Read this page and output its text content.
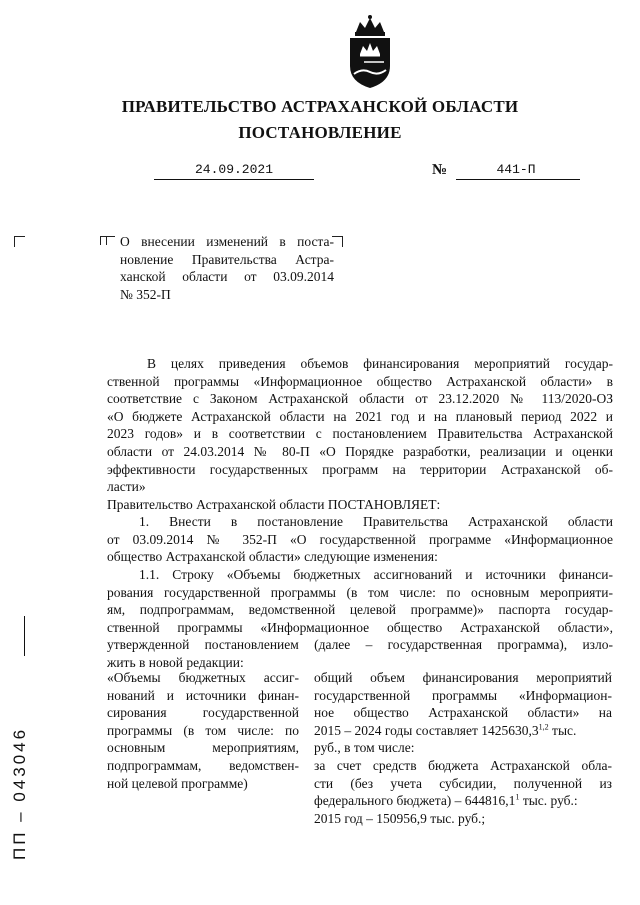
ПРАВИТЕЛЬСТВО АСТРАХАНСКОЙ ОБЛАСТИ
ПОСТАНОВЛЕНИЕ
24.09.2021	№	441-П
О внесении изменений в поста-
новление Правительства Астра-
ханской области от 03.09.2014
№ 352-П
В целях приведения объемов финансирования мероприятий государ-
ственной программы «Информационное общество Астраханской области» в
соответствие с Законом Астраханской области от 23.12.2020 № 113/2020-ОЗ
«О бюджете Астраханской области на 2021 год и на плановый период 2022 и
2023 годов» и в соответствии с постановлением Правительства Астраханской
области от 24.03.2014 № 80-П «О Порядке разработки, реализации и оценки
эффективности государственных программ на территории Астраханской об-
ласти»
Правительство Астраханской области ПОСТАНОВЛЯЕТ:
1. Внести в постановление Правительства Астраханской области
от 03.09.2014 № 352-П «О государственной программе «Информационное
общество Астраханской области» следующие изменения:
1.1. Строку «Объемы бюджетных ассигнований и источники финанси-
рования государственной программы (в том числе: по основным мероприяти-
ям, подпрограммам, ведомственной целевой программе)» паспорта государ-
ственной программы «Информационное общество Астраханской области»,
утвержденной постановлением (далее – государственная программа), изло-
жить в новой редакции:
«Объемы бюджетных ассиг-
нований и источники финан-
сирования государственной
программы (в том числе: по
основным мероприятиям,
подпрограммам, ведомствен-
ной целевой программе)
общий объем финансирования мероприятий
государственной программы «Информацион-
ное общество Астраханской области» на
2015 – 2024 годы составляет 1425630,3$^{1,2}$ тыс.
руб., в том числе:
за счет средств бюджета Астраханской обла-
сти (без учета субсидии, полученной из
федерального бюджета) – 644816,1$^1$ тыс. руб.:
2015 год – 150956,9 тыс. руб.;
ПП – 043046
